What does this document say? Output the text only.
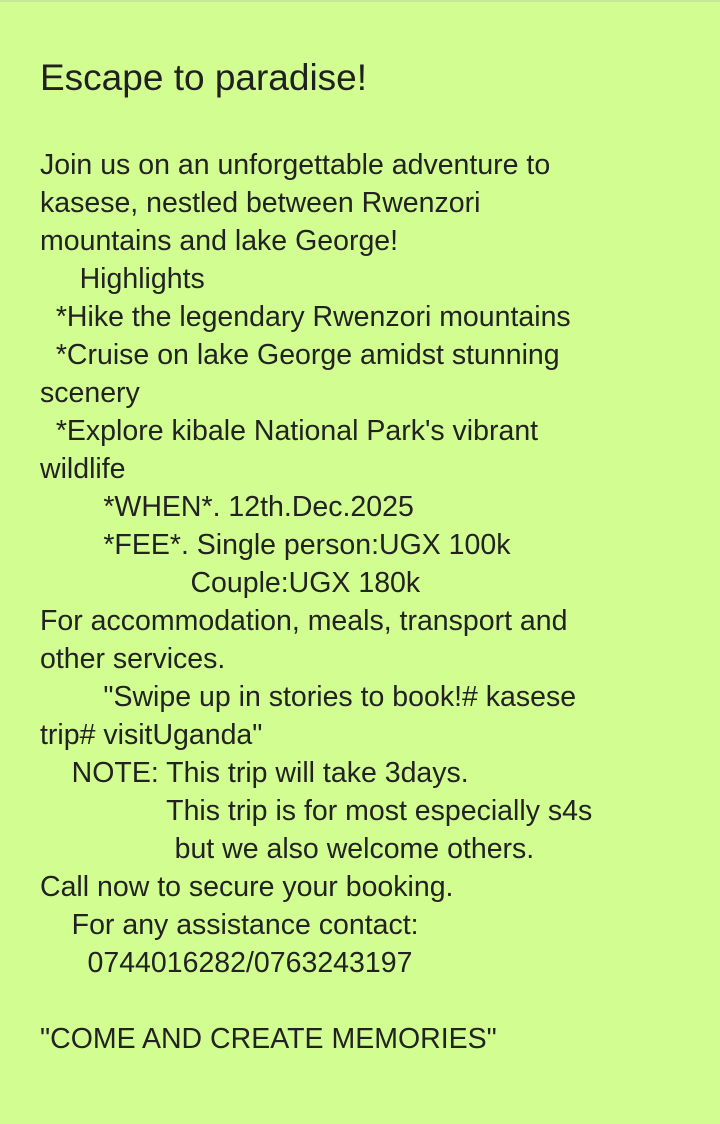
Escape to paradise!

Join us on an unforgettable adventure to

kasese, nestled between Rwenzori

mountains and lake George!

Highlights

*Hike the legendary Rwenzori mountains

*Cruise on lake George amidst stunning

scenery

*Explore kibale National Park's vibrant

wildlife

*WHEN*. 12th.Dec.2025

*FEE*. Single person:UGX 100k

Couple:UGX 180k

For accommodation, meals, transport and

other services.

"Swipe up in stories to book!# kasese

trip# visitUganda"

NOTE: This trip will take 3days.

This trip is for most especially s4s

but we also welcome others.

Call now to secure your booking.

For any assistance contact:

0744016282/0763243197

"COME AND CREATE MEMORIES"
